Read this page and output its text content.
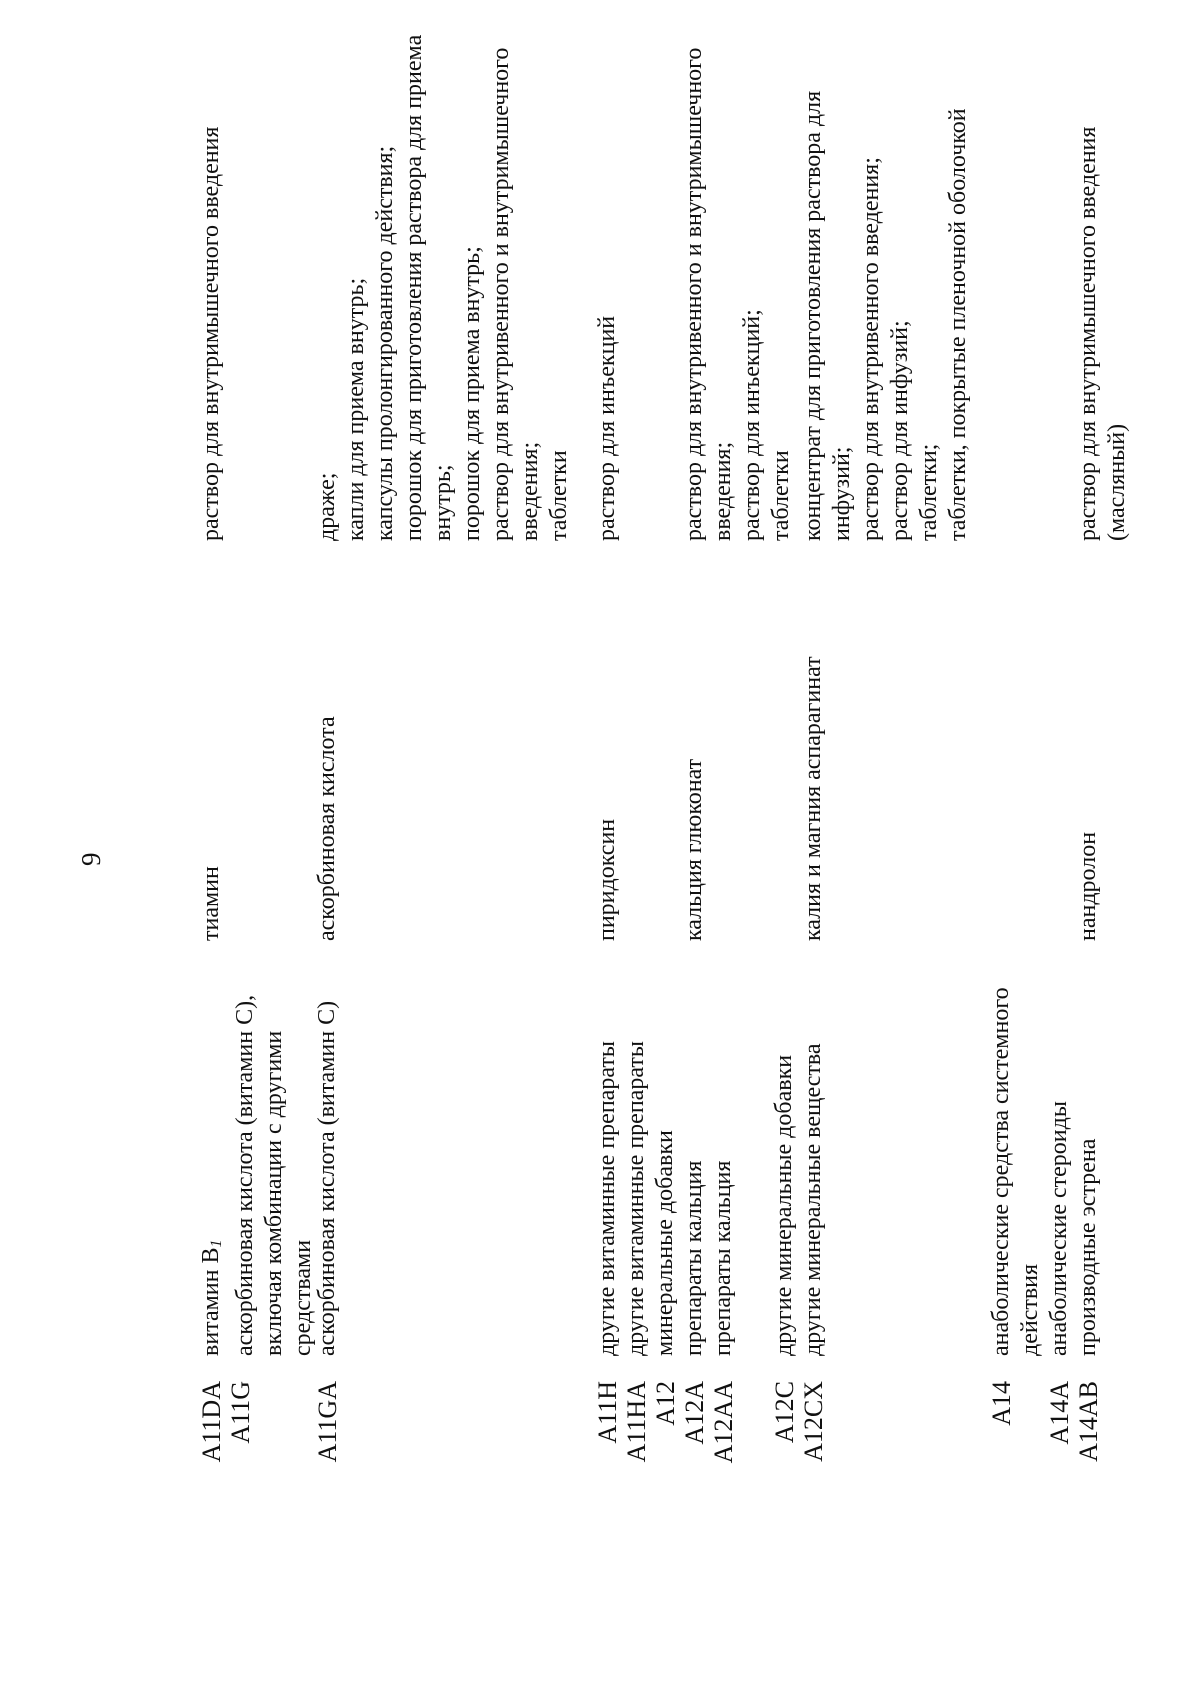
9
A11DA A11G
витамин $B_1$ аскорбиновая кислота (витамин С), включая комбинации с другими средствами
тиамин
раствор для внутримышечного введения
A11GA
аскорбиновая кислота (витамин С)
аскорбиновая кислота
драже; капли для приема внутрь; капсулы пролонгированного действия; порошок для приготовления раствора для приема внутрь; порошок для приема внутрь; раствор для внутривенного и внутримышечного введения; таблетки
A11H A11HA A12 A12A A12AA
другие витаминные препараты другие витаминные препараты минеральные добавки препараты кальция препараты кальция
пиридоксин

	кальция глюконат
раствор для инъекций

	раствор для внутривенного и внутримышечного введения; раствор для инъекций; таблетки
A12C A12CX
другие минеральные добавки другие минеральные вещества

калия и магния аспарагинат

концентрат для приготовления раствора для инфузий; раствор для внутривенного введения; раствор для инфузий; таблетки; таблетки, покрытые пленочной оболочкой
A14
A14A A14AB
анаболические средства системного действия анаболические стероиды производные эстрена

нандролон

раствор для внутримышечного введения (масляный)
